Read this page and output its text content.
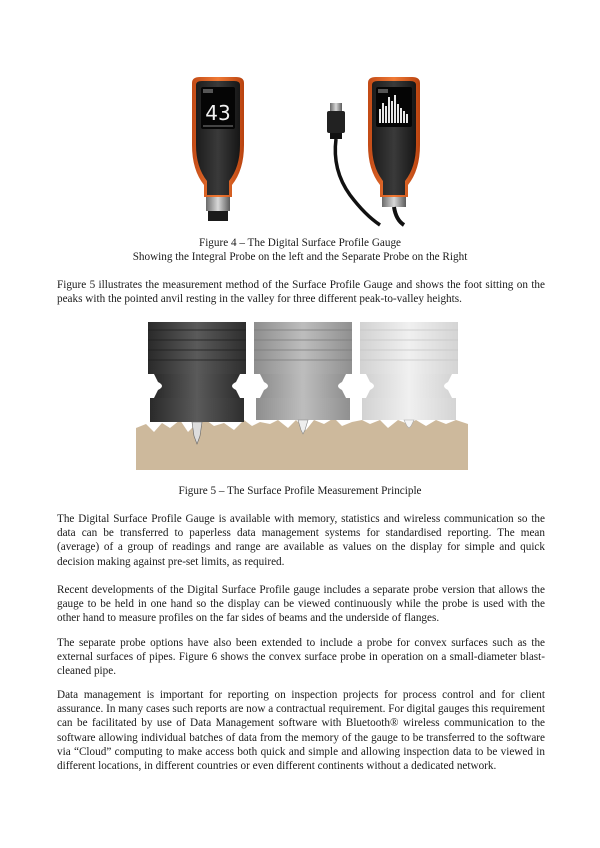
43
Figure 4 – The Digital Surface Profile Gauge
Showing the Integral Probe on the left and the Separate Probe on the Right

Figure 5 illustrates the measurement method of the Surface Profile Gauge and shows the foot sitting on the peaks with the pointed anvil resting in the valley for three different peak-to-valley heights.

Figure 5 – The Surface Profile Measurement Principle

The Digital Surface Profile Gauge is available with memory, statistics and wireless communication so the data can be transferred to paperless data management systems for standardised reporting. The mean (average) of a group of readings and range are available as values on the display for simple and quick decision making against pre-set limits, as required.

Recent developments of the Digital Surface Profile gauge includes a separate probe version that allows the gauge to be held in one hand so the display can be viewed continuously while the probe is used with the other hand to measure profiles on the far sides of beams and the underside of flanges.

The separate probe options have also been extended to include a probe for convex surfaces such as the external surfaces of pipes. Figure 6 shows the convex surface probe in operation on a small-diameter blast-cleaned pipe.

Data management is important for reporting on inspection projects for process control and for client assurance. In many cases such reports are now a contractual requirement. For digital gauges this requirement can be facilitated by use of Data Management software with Bluetooth® wireless communication to the software allowing individual batches of data from the memory of the gauge to be transferred to the software via “Cloud” computing to make access both quick and simple and allowing inspection data to be viewed in different locations, in different countries or even different continents without a dedicated network.
